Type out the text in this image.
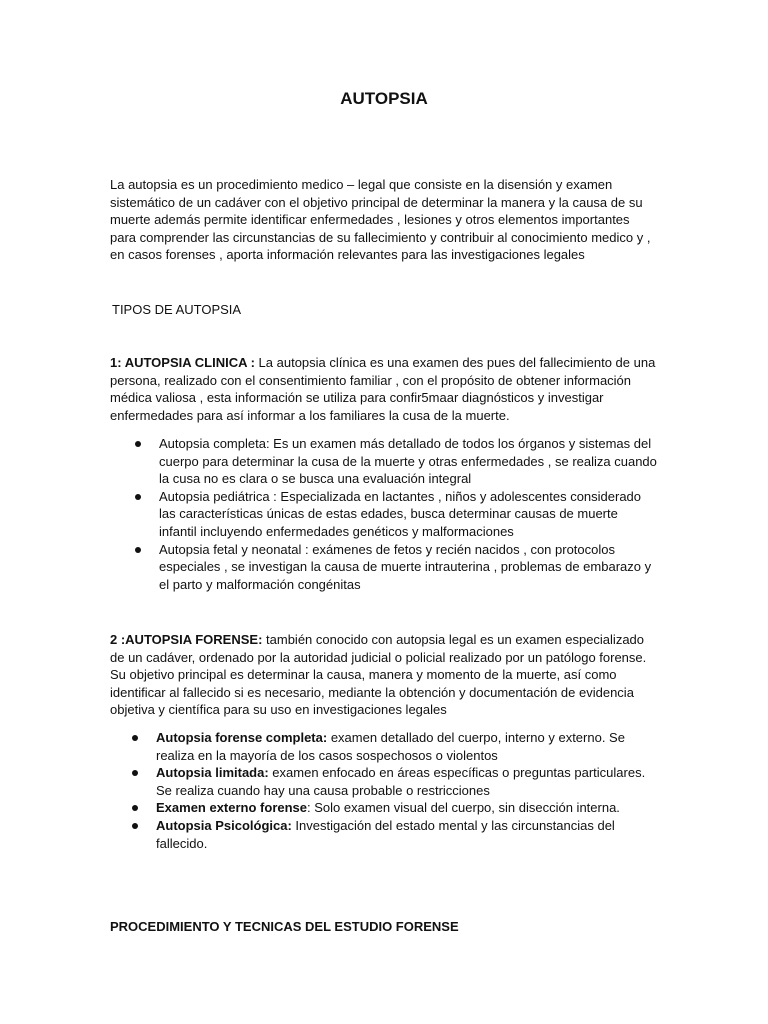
AUTOPSIA

La autopsia es un procedimiento medico – legal que consiste en la disensión y examen sistemático de un cadáver con el objetivo principal de determinar la manera y la causa de su muerte además permite identificar enfermedades , lesiones y otros elementos importantes para comprender las circunstancias de su fallecimiento y contribuir al conocimiento medico y , en casos forenses , aporta información relevantes para las investigaciones legales

TIPOS DE AUTOPSIA

1: AUTOPSIA CLINICA : La autopsia clínica es una examen des pues del fallecimiento de una persona, realizado con el consentimiento familiar , con el propósito de obtener información médica valiosa , esta información se utiliza para confir5maar diagnósticos y investigar enfermedades para así informar a los familiares la cusa de la muerte.

Autopsia completa: Es un examen más detallado de todos los órganos y sistemas del cuerpo para determinar la cusa de la muerte y otras enfermedades , se realiza cuando la cusa no es clara o se busca una evaluación integral
Autopsia pediátrica : Especializada en lactantes , niños y adolescentes considerado las características únicas de estas edades, busca determinar causas de muerte infantil incluyendo enfermedades genéticos y malformaciones
Autopsia fetal y neonatal : exámenes de fetos y recién nacidos , con protocolos especiales , se investigan la causa de muerte intrauterina , problemas de embarazo y el parto y malformación congénitas

2 :AUTOPSIA FORENSE: también conocido con autopsia legal es un examen especializado de un cadáver, ordenado por la autoridad judicial o policial realizado por un patólogo forense. Su objetivo principal es determinar la causa, manera y momento de la muerte, así como identificar al fallecido si es necesario, mediante la obtención y documentación de evidencia objetiva y científica para su uso en investigaciones legales

Autopsia forense completa: examen detallado del cuerpo, interno y externo. Se realiza en la mayoría de los casos sospechosos o violentos
Autopsia limitada: examen enfocado en áreas específicas o preguntas particulares. Se realiza cuando hay una causa probable o restricciones
Examen externo forense: Solo examen visual del cuerpo, sin disección interna.
Autopsia Psicológica: Investigación del estado mental y las circunstancias del fallecido.

PROCEDIMIENTO Y TECNICAS DEL ESTUDIO FORENSE
